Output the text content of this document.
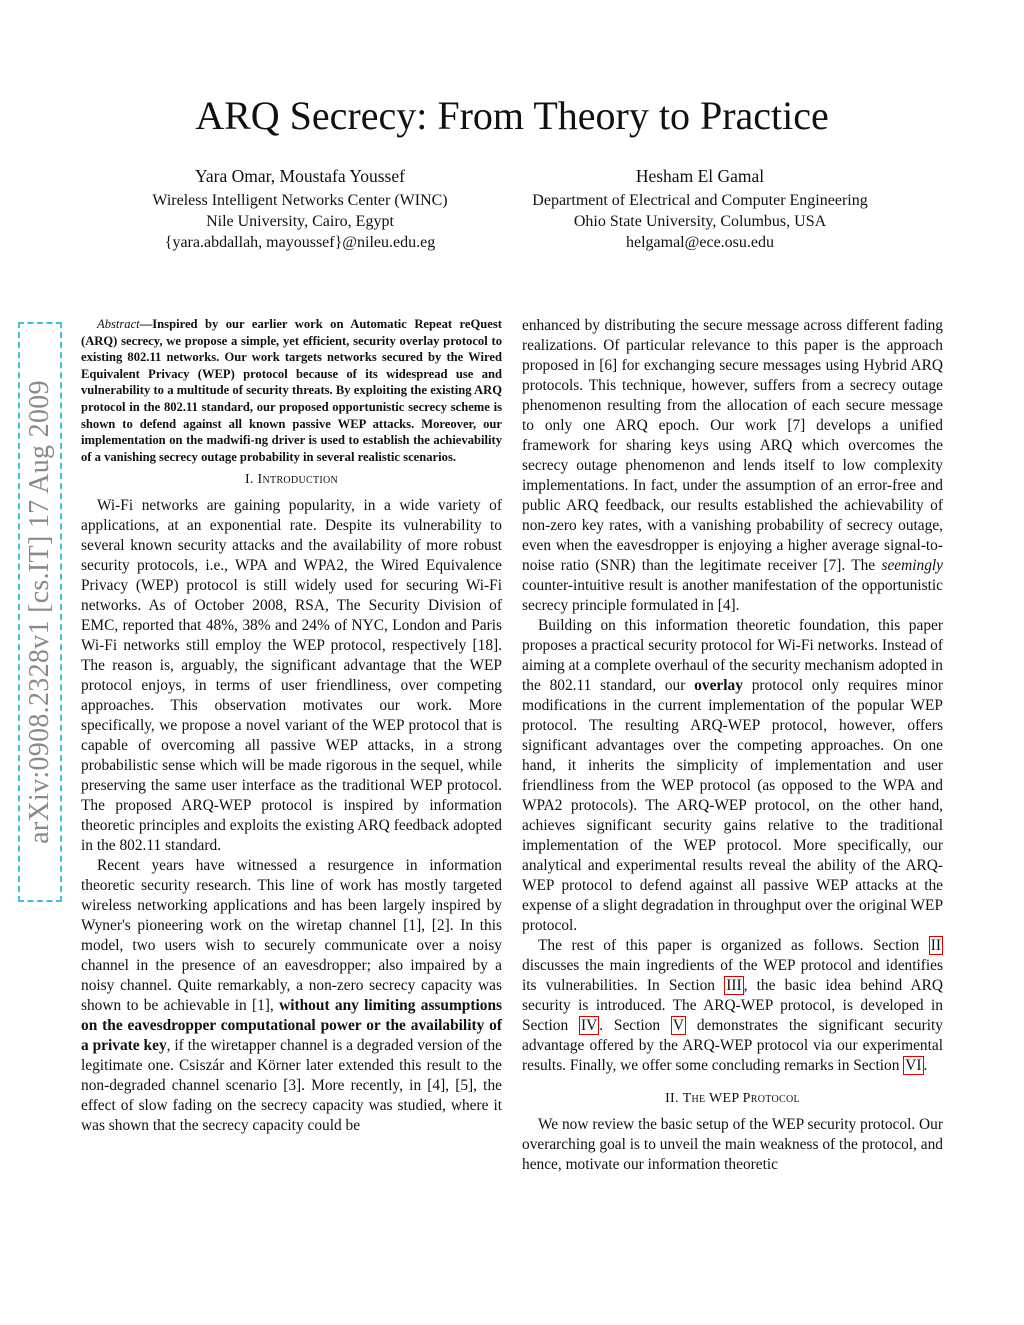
arXiv:0908.2328v1 [cs.IT] 17 Aug 2009
ARQ Secrecy: From Theory to Practice
Yara Omar, Moustafa Youssef
Wireless Intelligent Networks Center (WINC)
Nile University, Cairo, Egypt
{yara.abdallah, mayoussef}@nileu.edu.eg
Hesham El Gamal
Department of Electrical and Computer Engineering
Ohio State University, Columbus, USA
helgamal@ece.osu.edu

Abstract—Inspired by our earlier work on Automatic Repeat reQuest (ARQ) secrecy, we propose a simple, yet efficient, security overlay protocol to existing 802.11 networks. Our work targets networks secured by the Wired Equivalent Privacy (WEP) protocol because of its widespread use and vulnerability to a multitude of security threats. By exploiting the existing ARQ protocol in the 802.11 standard, our proposed opportunistic secrecy scheme is shown to defend against all known passive WEP attacks. Moreover, our implementation on the madwifi-ng driver is used to establish the achievability of a vanishing secrecy outage probability in several realistic scenarios.

I. Introduction

Wi-Fi networks are gaining popularity, in a wide variety of applications, at an exponential rate. Despite its vulnerability to several known security attacks and the availability of more robust security protocols, i.e., WPA and WPA2, the Wired Equivalence Privacy (WEP) protocol is still widely used for securing Wi-Fi networks. As of October 2008, RSA, The Security Division of EMC, reported that 48%, 38% and 24% of NYC, London and Paris Wi-Fi networks still employ the WEP protocol, respectively [18]. The reason is, arguably, the significant advantage that the WEP protocol enjoys, in terms of user friendliness, over competing approaches. This observation motivates our work. More specifically, we propose a novel variant of the WEP protocol that is capable of overcoming all passive WEP attacks, in a strong probabilistic sense which will be made rigorous in the sequel, while preserving the same user interface as the traditional WEP protocol. The proposed ARQ-WEP protocol is inspired by information theoretic principles and exploits the existing ARQ feedback adopted in the 802.11 standard.

Recent years have witnessed a resurgence in information theoretic security research. This line of work has mostly targeted wireless networking applications and has been largely inspired by Wyner's pioneering work on the wiretap channel [1], [2]. In this model, two users wish to securely communicate over a noisy channel in the presence of an eavesdropper; also impaired by a noisy channel. Quite remarkably, a non-zero secrecy capacity was shown to be achievable in [1], without any limiting assumptions on the eavesdropper computational power or the availability of a private key, if the wiretapper channel is a degraded version of the legitimate one. Csiszár and Körner later extended this result to the non-degraded channel scenario [3]. More recently, in [4], [5], the effect of slow fading on the secrecy capacity was studied, where it was shown that the secrecy capacity could be

enhanced by distributing the secure message across different fading realizations. Of particular relevance to this paper is the approach proposed in [6] for exchanging secure messages using Hybrid ARQ protocols. This technique, however, suffers from a secrecy outage phenomenon resulting from the allocation of each secure message to only one ARQ epoch. Our work [7] develops a unified framework for sharing keys using ARQ which overcomes the secrecy outage phenomenon and lends itself to low complexity implementations. In fact, under the assumption of an error-free and public ARQ feedback, our results established the achievability of non-zero key rates, with a vanishing probability of secrecy outage, even when the eavesdropper is enjoying a higher average signal-to-noise ratio (SNR) than the legitimate receiver [7]. The seemingly counter-intuitive result is another manifestation of the opportunistic secrecy principle formulated in [4].

Building on this information theoretic foundation, this paper proposes a practical security protocol for Wi-Fi networks. Instead of aiming at a complete overhaul of the security mechanism adopted in the 802.11 standard, our overlay protocol only requires minor modifications in the current implementation of the popular WEP protocol. The resulting ARQ-WEP protocol, however, offers significant advantages over the competing approaches. On one hand, it inherits the simplicity of implementation and user friendliness from the WEP protocol (as opposed to the WPA and WPA2 protocols). The ARQ-WEP protocol, on the other hand, achieves significant security gains relative to the traditional implementation of the WEP protocol. More specifically, our analytical and experimental results reveal the ability of the ARQ-WEP protocol to defend against all passive WEP attacks at the expense of a slight degradation in throughput over the original WEP protocol.

The rest of this paper is organized as follows. Section II discusses the main ingredients of the WEP protocol and identifies its vulnerabilities. In Section III , the basic idea behind ARQ security is introduced. The ARQ-WEP protocol, is developed in Section IV . Section V demonstrates the significant security advantage offered by the ARQ-WEP protocol via our experimental results. Finally, we offer some concluding remarks in Section VI .

II. The WEP Protocol

We now review the basic setup of the WEP security protocol. Our overarching goal is to unveil the main weakness of the protocol, and hence, motivate our information theoretic
